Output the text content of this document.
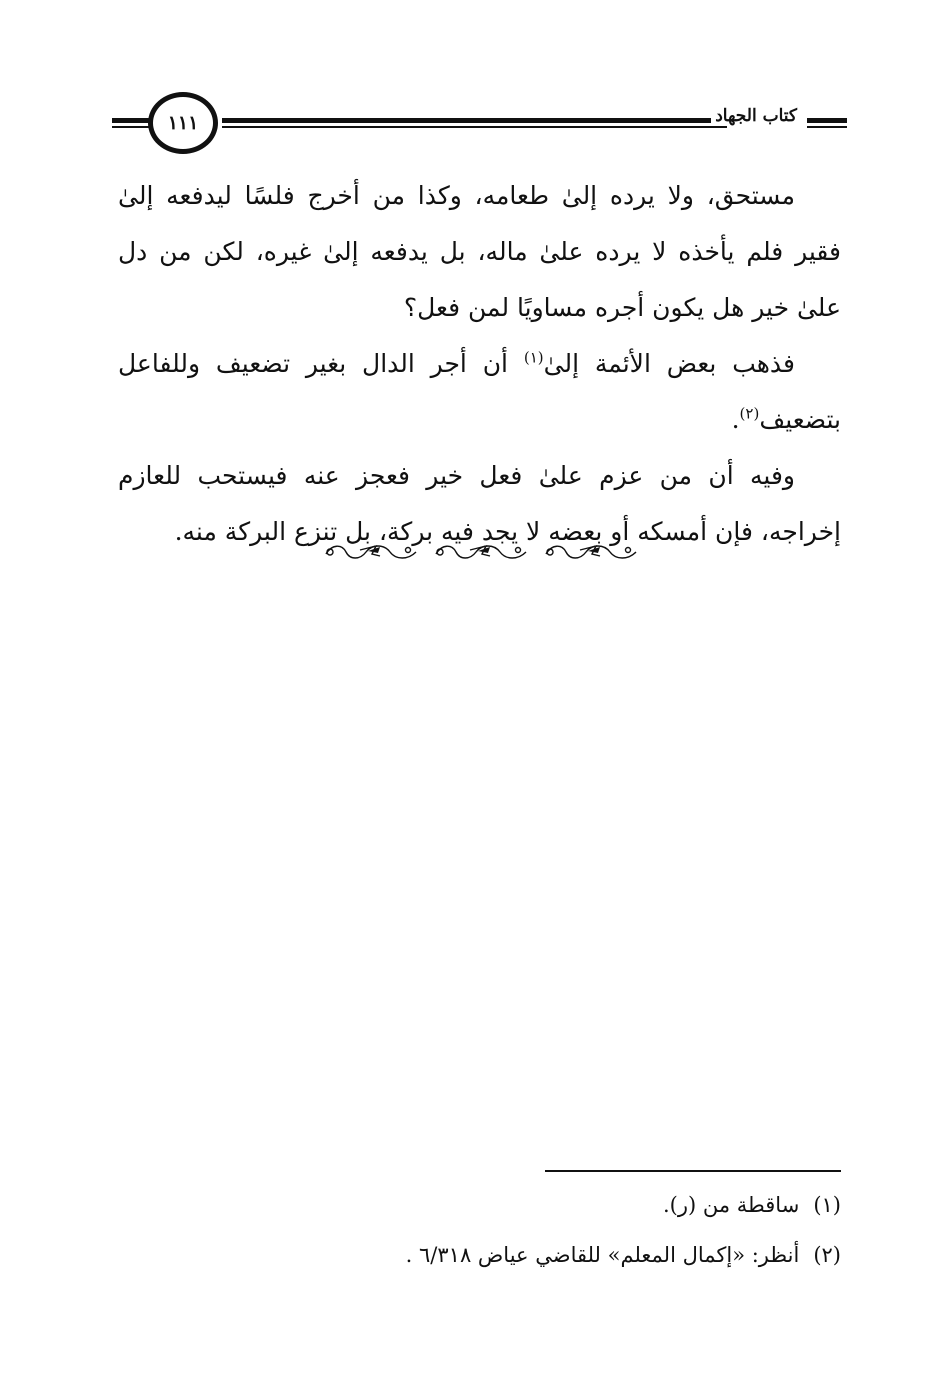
كتاب الجهاد
١١١

مستحق، ولا يرده إلىٰ طعامه، وكذا من أخرج فلسًا ليدفعه إلىٰ فقير فلم يأخذه لا يرده علىٰ ماله، بل يدفعه إلىٰ غيره، لكن من دل علىٰ خير هل يكون أجره مساويًا لمن فعل؟

فذهب بعض الأئمة إلىٰ$^{(١)}$ أن أجر الدال بغير تضعيف وللفاعل بتضعيف$^{(٢)}$.

وفيه أن من عزم علىٰ فعل خير فعجز عنه فيستحب للعازم إخراجه، فإن أمسكه أو بعضه لا يجد فيه بركة، بل تنزع البركة منه.

(١)ساقطة من (ر).

(٢)أنظر: «إكمال المعلم» للقاضي عياض ٦/٣١٨ .
